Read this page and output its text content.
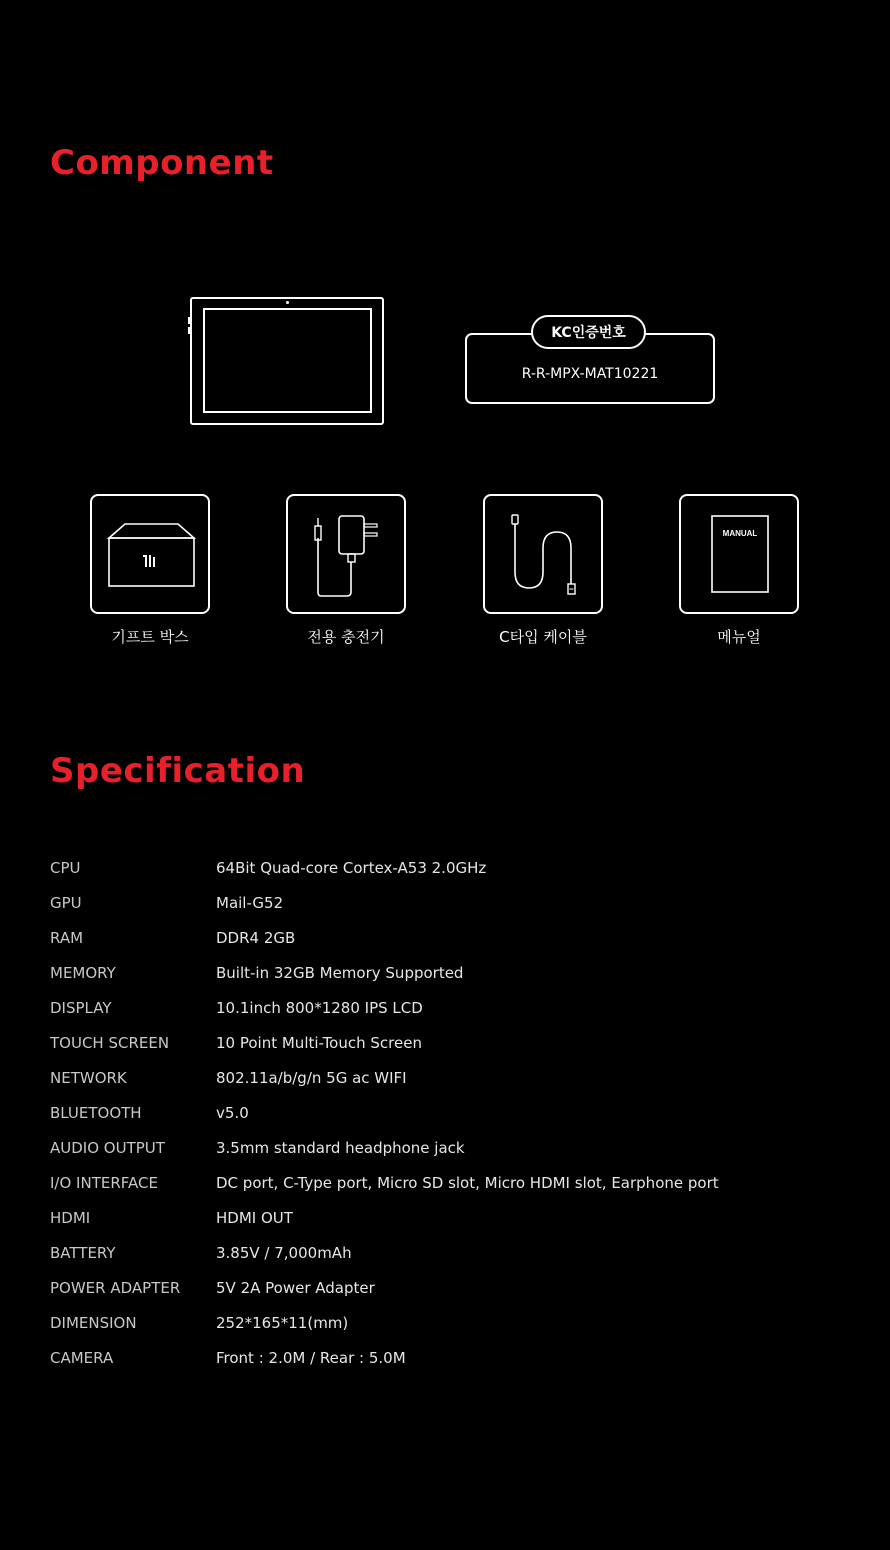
Component
KC인증번호
R-R-MPX-MAT10221
기프트 박스	전용 충전기	C타입 케이블
MANUAL
메뉴얼
Specification
CPU	64Bit Quad-core Cortex-A53 2.0GHz
GPU	Mail-G52
RAM	DDR4 2GB
MEMORY	Built-in 32GB Memory Supported
DISPLAY	10.1inch 800*1280 IPS LCD
TOUCH SCREEN	10 Point Multi-Touch Screen
NETWORK	802.11a/b/g/n 5G ac WIFI
BLUETOOTH	v5.0
AUDIO OUTPUT	3.5mm standard headphone jack
I/O INTERFACE	DC port, C-Type port, Micro SD slot, Micro HDMI slot, Earphone port
HDMI	HDMI OUT
BATTERY	3.85V / 7,000mAh
POWER ADAPTER	5V 2A Power Adapter
DIMENSION	252*165*11(mm)
CAMERA	Front : 2.0M / Rear : 5.0M
